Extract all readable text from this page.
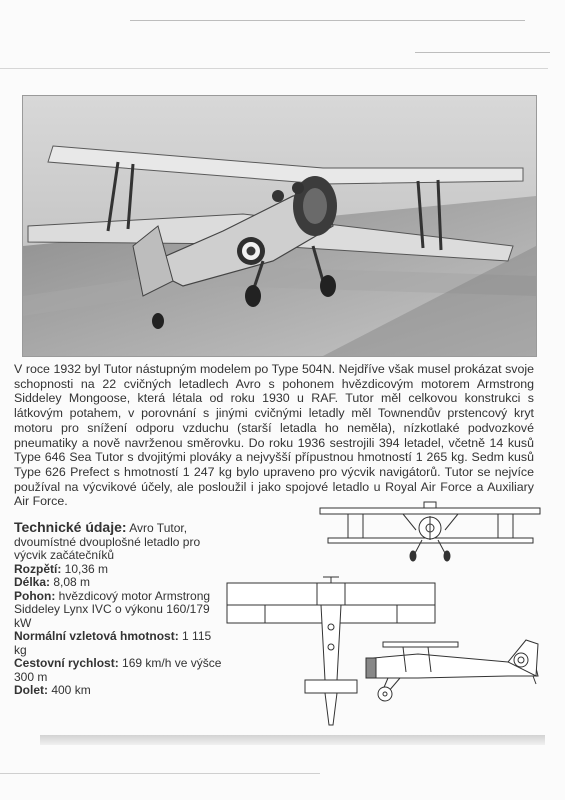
V roce 1932 byl Tutor nástupným modelem po Type 504N. Nejdříve však musel prokázat svoje schopnosti na 22 cvičných letadlech Avro s pohonem hvězdicovým motorem Armstrong Siddeley Mongoose, která létala od roku 1930 u RAF. Tutor měl celkovou konstrukci s látkovým potahem, v porovnání s jinými cvičnými letadly měl Townendův prstencový kryt motoru pro snížení odporu vzduchu (starší letadla ho neměla), nízkotlaké podvozkové pneumatiky a nově navrženou směrovku. Do roku 1936 sestrojili 394 letadel, včetně 14 kusů Type 646 Sea Tutor s dvojitými plováky a nejvyšší přípustnou hmotností 1 265 kg. Sedm kusů Type 626 Prefect s hmotností 1 247 kg bylo upraveno pro výcvik navigátorů. Tutor se nejvíce používal na výcvikové účely, ale posloužil i jako spojové letadlo u Royal Air Force a Auxiliary Air Force.
Technické údaje: Avro Tutor, dvoumístné dvouplošné letadlo pro výcvik začátečníků
Rozpětí: 10,36 m
Délka: 8,08 m
Pohon: hvězdicový motor Armstrong Siddeley Lynx IVC o výkonu 160/179 kW
Normální vzletová hmotnost: 1 115 kg
Cestovní rychlost: 169 km/h ve výšce 300 m
Dolet: 400 km
